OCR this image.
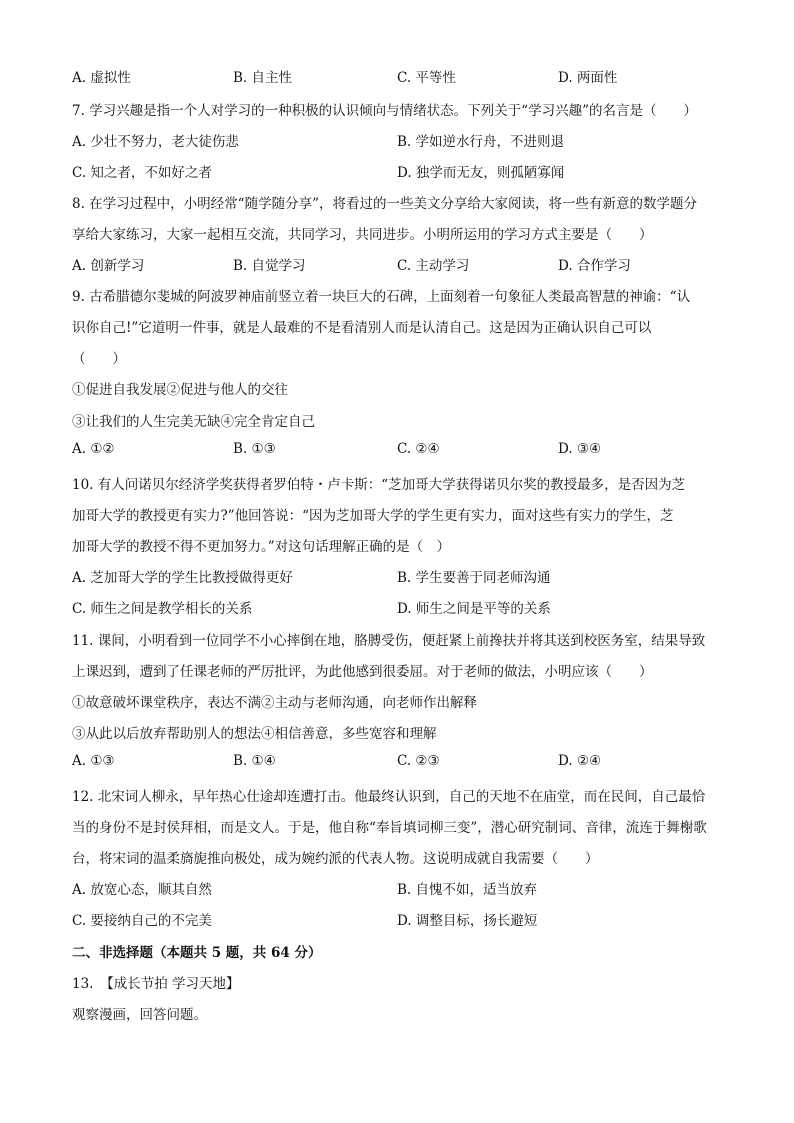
A. 虚拟性	B. 自主性	C. 平等性	D. 两面性
7. 学习兴趣是指一个人对学习的一种积极的认识倾向与情绪状态。下列关于“学习兴趣”的名言是（　　）
A. 少壮不努力，老大徒伤悲	B. 学如逆水行舟，不进则退
C. 知之者，不如好之者	D. 独学而无友，则孤陋寡闻
8. 在学习过程中，小明经常“随学随分享”，将看过的一些美文分享给大家阅读，将一些有新意的数学题分
享给大家练习，大家一起相互交流，共同学习，共同进步。小明所运用的学习方式主要是（　　）
A. 创新学习	B. 自觉学习	C. 主动学习	D. 合作学习
9. 古希腊德尔斐城的阿波罗神庙前竖立着一块巨大的石碑，上面刻着一句象征人类最高智慧的神谕：“认
识你自己!”它道明一件事，就是人最难的不是看清别人而是认清自己。这是因为正确认识自己可以
（　　）
①促进自我发展②促进与他人的交往
③让我们的人生完美无缺④完全肯定自己
A. ①②	B. ①③	C. ②④	D. ③④
10. 有人问诺贝尔经济学奖获得者罗伯特・卢卡斯：“芝加哥大学获得诺贝尔奖的教授最多，是否因为芝
加哥大学的教授更有实力?”他回答说：“因为芝加哥大学的学生更有实力，面对这些有实力的学生，芝
加哥大学的教授不得不更加努力。”对这句话理解正确的是（　）
A. 芝加哥大学的学生比教授做得更好	B. 学生要善于同老师沟通
C. 师生之间是教学相长的关系	D. 师生之间是平等的关系
11. 课间，小明看到一位同学不小心摔倒在地，胳膊受伤，便赶紧上前搀扶并将其送到校医务室，结果导致
上课迟到，遭到了任课老师的严厉批评，为此他感到很委屈。对于老师的做法，小明应该（　　）
①故意破坏课堂秩序，表达不满②主动与老师沟通，向老师作出解释
③从此以后放弃帮助别人的想法④相信善意，多些宽容和理解
A. ①③	B. ①④	C. ②③	D. ②④
12. 北宋词人柳永，早年热心仕途却连遭打击。他最终认识到，自己的天地不在庙堂，而在民间，自己最恰
当的身份不是封侯拜相，而是文人。于是，他自称“奉旨填词柳三变”，潜心研究制词、音律，流连于舞榭歌
台，将宋词的温柔旖旎推向极处，成为婉约派的代表人物。这说明成就自我需要（　　）
A. 放宽心态，顺其自然	B. 自愧不如，适当放弃
C. 要接纳自己的不完美	D. 调整目标，扬长避短
二、非选择题（本题共 5 题，共 64 分）
13.　【成长节拍 学习天地】
观察漫画，回答问题。
